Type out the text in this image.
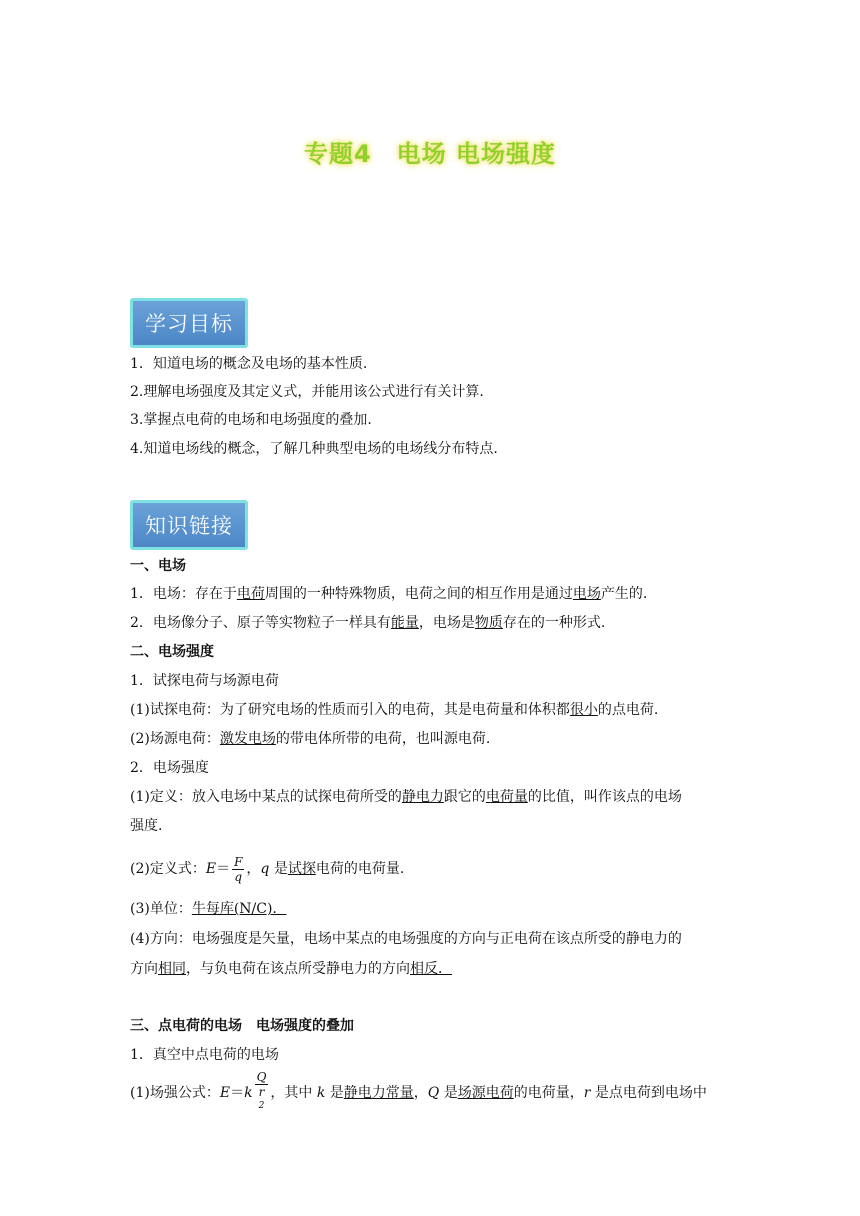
专题4　电场 电场强度
学习目标
1．知道电场的概念及电场的基本性质.
2.理解电场强度及其定义式，并能用该公式进行有关计算.
3.掌握点电荷的电场和电场强度的叠加.
4.知道电场线的概念，了解几种典型电场的电场线分布特点.
知识链接
一、电场
1．电场：存在于电荷周围的一种特殊物质，电荷之间的相互作用是通过电场产生的.
2．电场像分子、原子等实物粒子一样具有能量，电场是物质存在的一种形式.
二、电场强度
1．试探电荷与场源电荷
(1)试探电荷：为了研究电场的性质而引入的电荷，其是电荷量和体积都很小的点电荷.
(2)场源电荷：激发电场的带电体所带的电荷，也叫源电荷.
2．电场强度
(1)定义：放入电场中某点的试探电荷所受的静电力跟它的电荷量的比值，叫作该点的电场
强度.
(2)定义式：$E= \frac{F}{q}$ ，q 是试探电荷的电荷量.
(3)单位：牛每库(N/C)．
(4)方向：电场强度是矢量，电场中某点的电场强度的方向与正电荷在该点所受的静电力的
方向相同，与负电荷在该点所受静电力的方向相反．
三、点电荷的电场　电场强度的叠加
1．真空中点电荷的电场
(1)场强公式：E＝k Q
r
$^2$ ，其中 k 是静电力常量，Q 是场源电荷的电荷量，r 是点电荷到电场中
